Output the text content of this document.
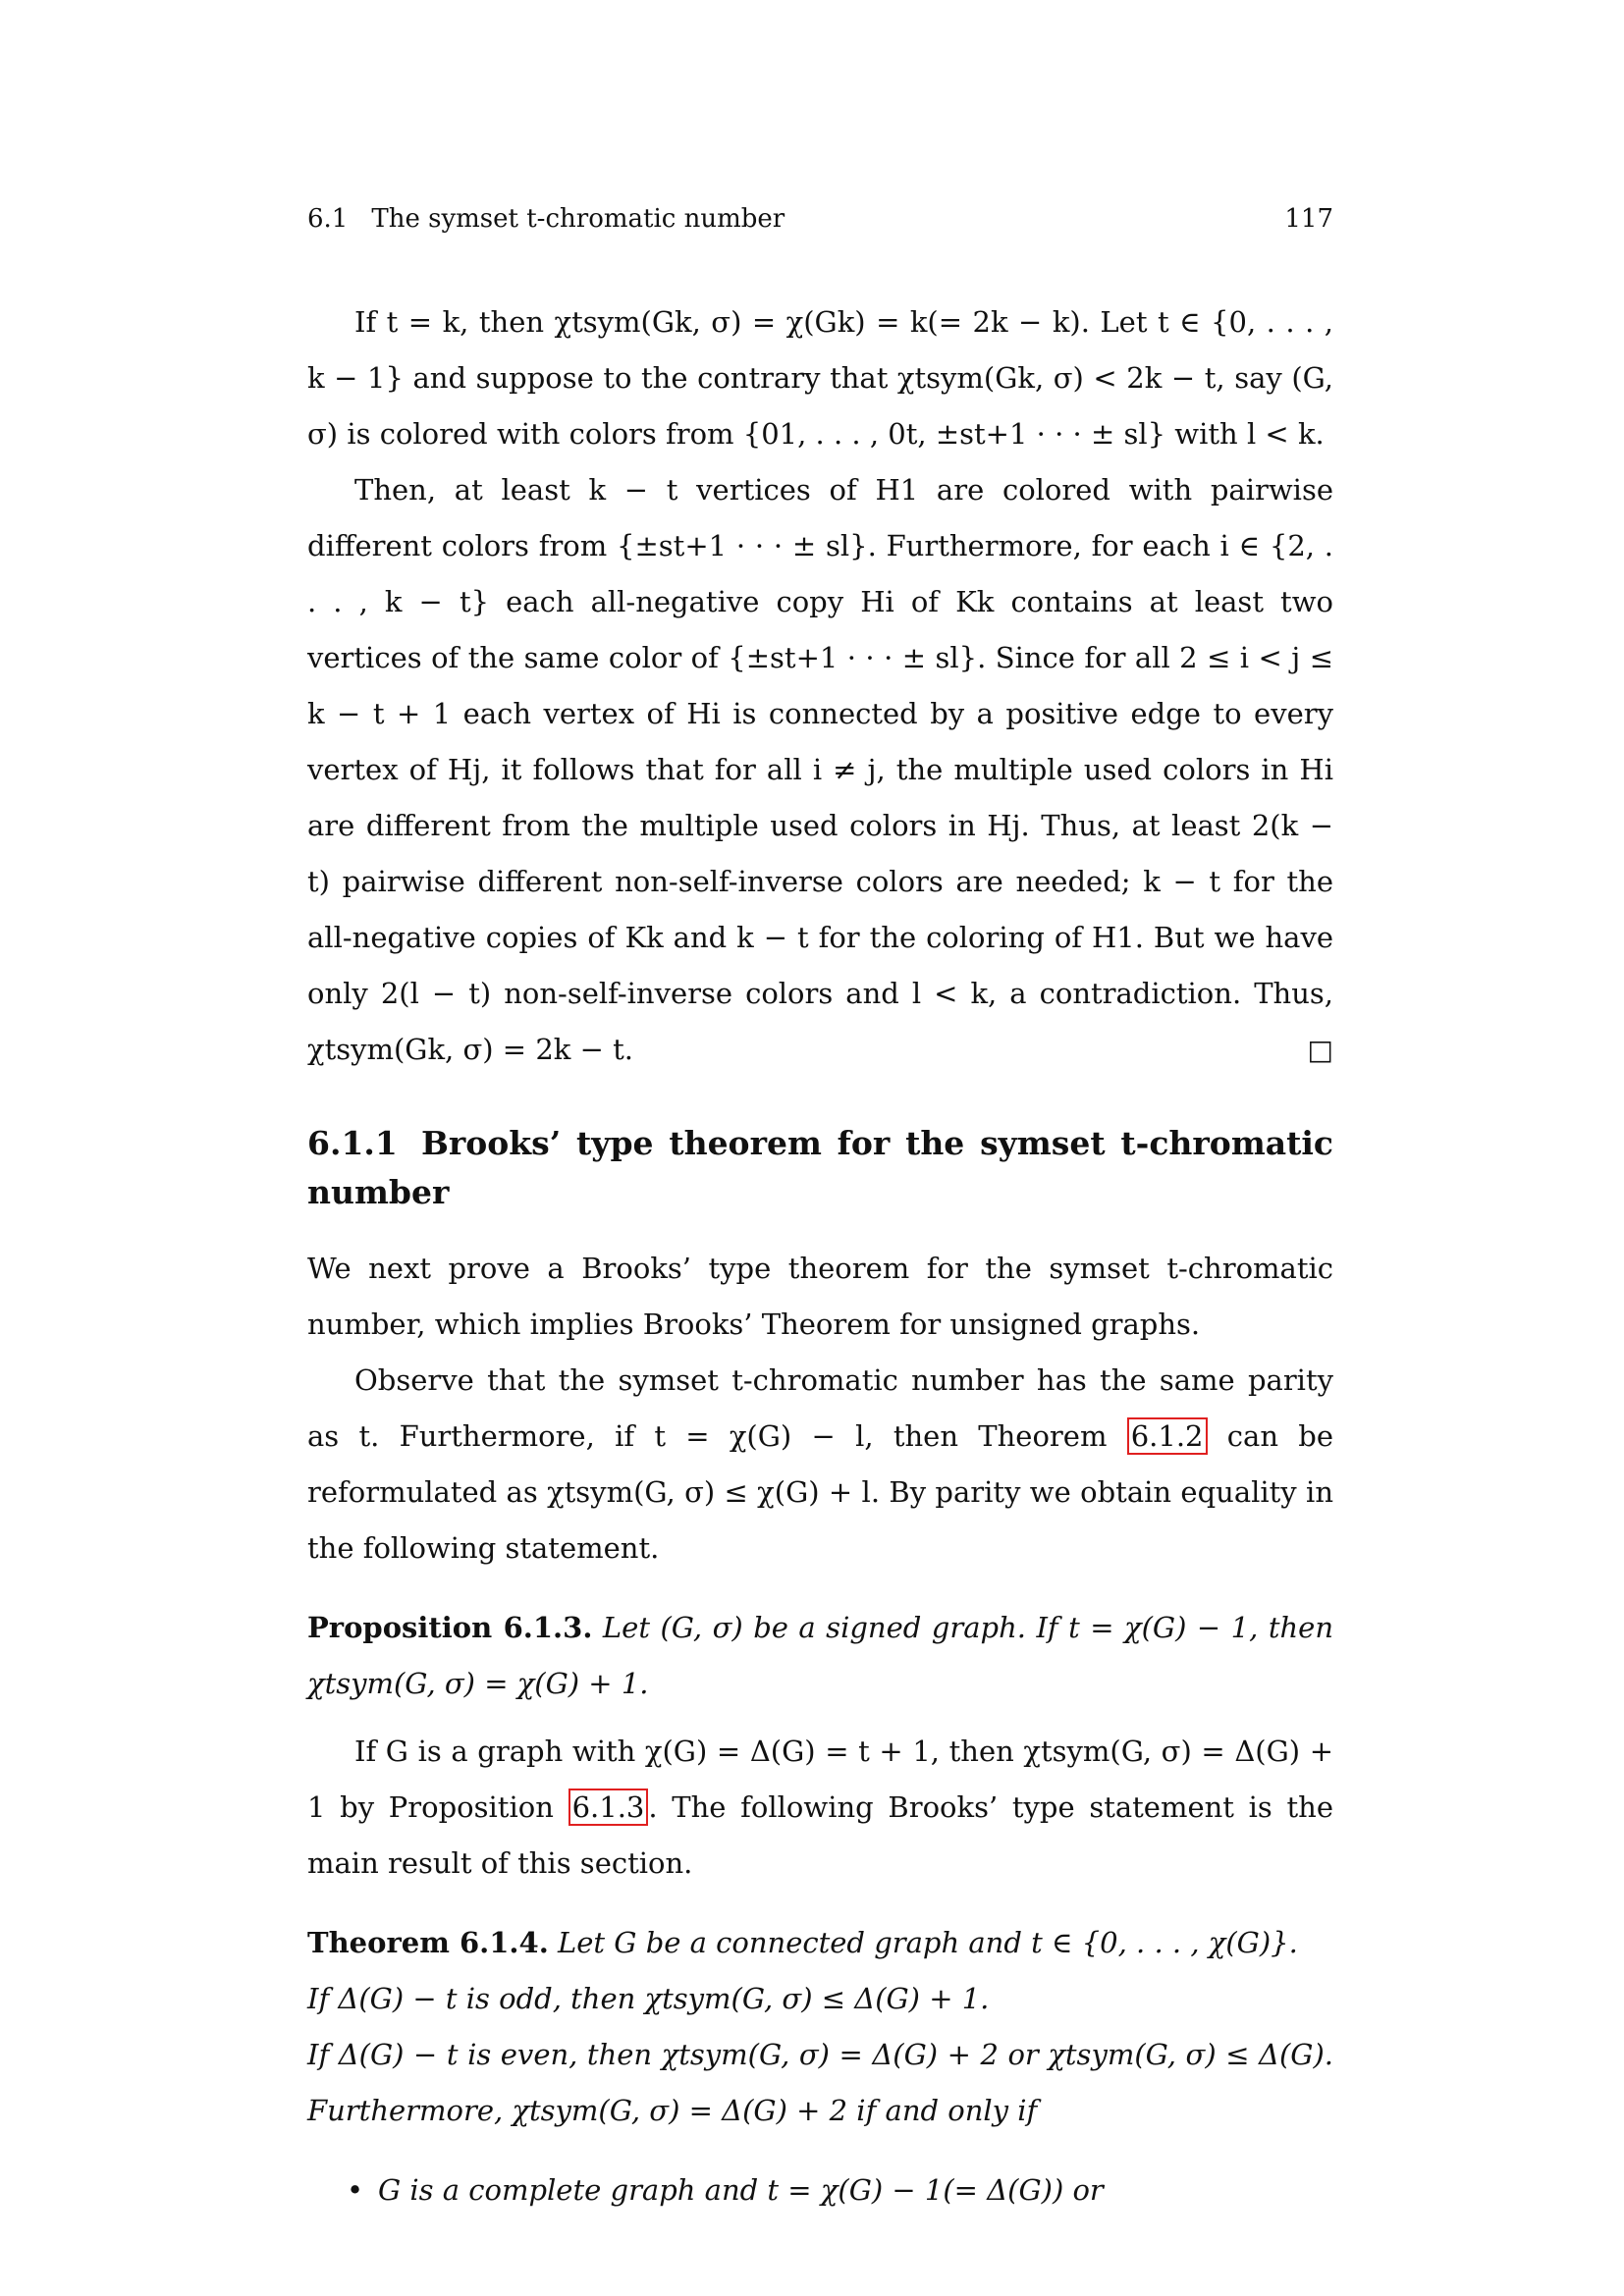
6.1 The symset t-chromatic number	117

If t = k, then χtsym(Gk, σ) = χ(Gk) = k(= 2k − k). Let t ∈ {0, . . . , k − 1} and suppose to the contrary that χtsym(Gk, σ) < 2k − t, say (G, σ) is colored with colors from {01, . . . , 0t, ±st+1 · · · ± sl} with l < k.

Then, at least k − t vertices of H1 are colored with pairwise different colors from {±st+1 · · · ± sl}. Furthermore, for each i ∈ {2, . . . , k − t} each all-negative copy Hi of Kk contains at least two vertices of the same color of {±st+1 · · · ± sl}. Since for all 2 ≤ i < j ≤ k − t + 1 each vertex of Hi is connected by a positive edge to every vertex of Hj, it follows that for all i ≠ j, the multiple used colors in Hi are different from the multiple used colors in Hj. Thus, at least 2(k − t) pairwise different non-self-inverse colors are needed; k − t for the all-negative copies of Kk and k − t for the coloring of H1. But we have only 2(l − t) non-self-inverse colors and l < k, a contradiction. Thus, χtsym(Gk, σ) = 2k − t.	□

6.1.1 Brooks’ type theorem for the symset t-chromatic number

We next prove a Brooks’ type theorem for the symset t-chromatic number, which implies Brooks’ Theorem for unsigned graphs.

Observe that the symset t-chromatic number has the same parity as t. Furthermore, if t = χ(G) − l, then Theorem 6.1.2 can be reformulated as χtsym(G, σ) ≤ χ(G) + l. By parity we obtain equality in the following statement.

Proposition 6.1.3. Let (G, σ) be a signed graph. If t = χ(G) − 1, then χtsym(G, σ) = χ(G) + 1.

If G is a graph with χ(G) = Δ(G) = t + 1, then χtsym(G, σ) = Δ(G) + 1 by Proposition 6.1.3 . The following Brooks’ type statement is the main result of this section.

Theorem 6.1.4. Let G be a connected graph and t ∈ {0, . . . , χ(G)}.
If Δ(G) − t is odd, then χtsym(G, σ) ≤ Δ(G) + 1.
If Δ(G) − t is even, then χtsym(G, σ) = Δ(G) + 2 or χtsym(G, σ) ≤ Δ(G). Furthermore, χtsym(G, σ) = Δ(G) + 2 if and only if
• G is a complete graph and t = χ(G) − 1(= Δ(G)) or
